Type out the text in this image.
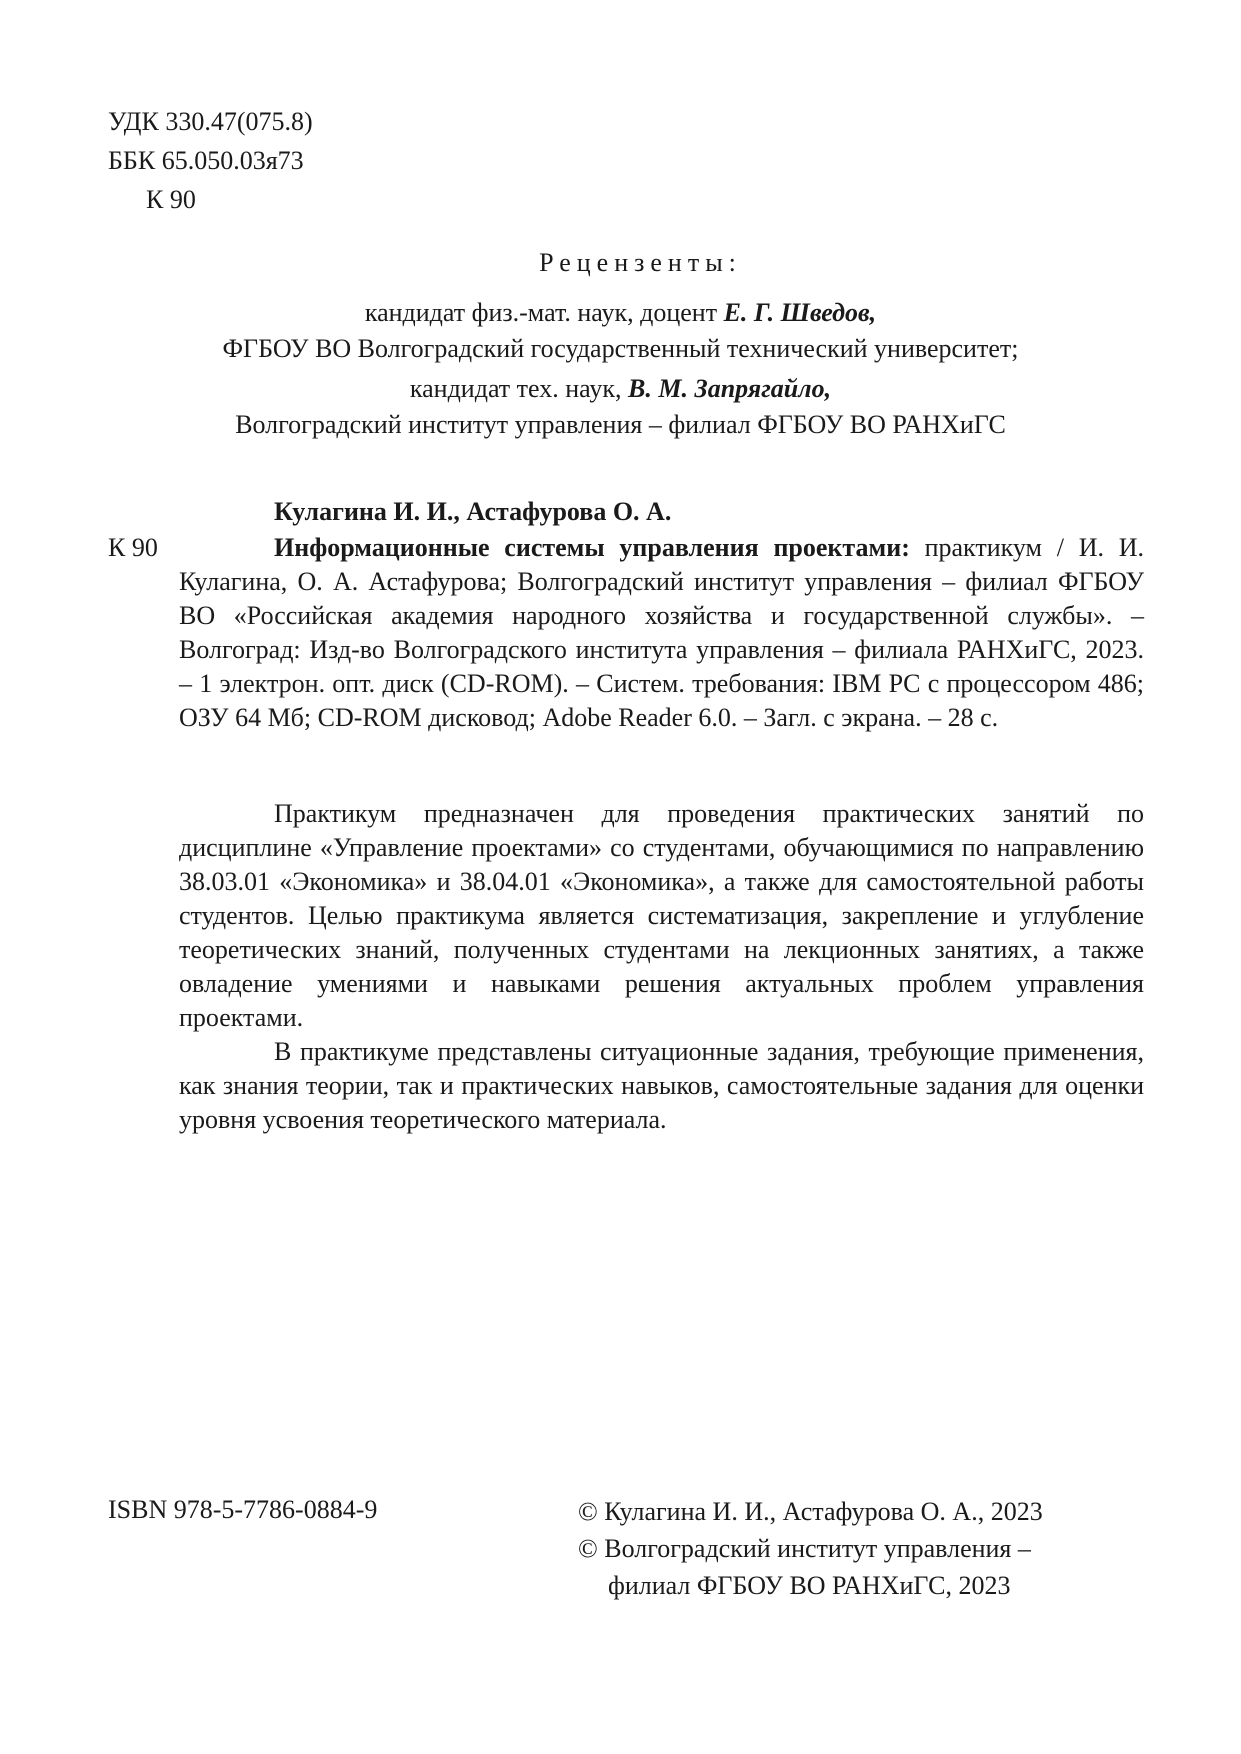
УДК 330.47(075.8)
ББК 65.050.03я73
К 90
Рецензенты:
кандидат физ.-мат. наук, доцент Е. Г. Шведов,
ФГБОУ ВО Волгоградский государственный технический университет;
кандидат тех. наук, В. М. Запрягайло,
Волгоградский институт управления – филиал ФГБОУ ВО РАНХиГС
Кулагина И. И., Астафурова О. А.
К 90	Информационные системы управления проектами: практикум / И. И. Кулагина, О. А. Астафурова; Волгоградский институт управления – филиал ФГБОУ ВО «Российская академия народного хозяйства и государственной службы». – Волгоград: Изд-во Волгоградского института управления – филиала РАНХиГС, 2023. – 1 электрон. опт. диск (CD-ROM). – Систем. требования: IBM PC с процессором 486; ОЗУ 64 Мб; CD-ROM дисковод; Adobe Reader 6.0. – Загл. с экрана. – 28 с.

Практикум предназначен для проведения практических занятий по дисциплине «Управление проектами» со студентами, обучающимися по направлению 38.03.01 «Экономика» и 38.04.01 «Экономика», а также для самостоятельной работы студентов. Целью практикума является систематизация, закрепление и углубление теоретических знаний, полученных студентами на лекционных занятиях, а также овладение умениями и навыками решения актуальных проблем управления проектами.

В практикуме представлены ситуационные задания, требующие применения, как знания теории, так и практических навыков, самостоятельные задания для оценки уровня усвоения теоретического материала.

ISBN 978-5-7786-0884-9	© Кулагина И. И., Астафурова О. А., 2023
© Волгоградский институт управления –
филиал ФГБОУ ВО РАНХиГС, 2023
